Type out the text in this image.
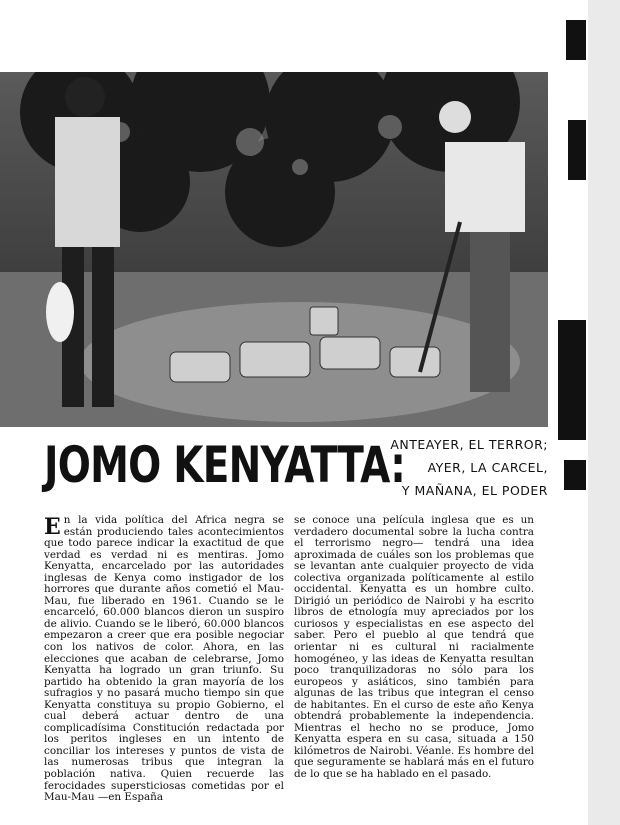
JOMO KENYATTA:
ANTEAYER, EL TERROR;
AYER, LA CARCEL,
Y MAÑANA, EL PODER

En la vida política del Africa negra se están produciendo tales acontecimientos que todo parece indicar la exactitud de que verdad es verdad ni es mentiras. Jomo Kenyatta, encarcelado por las autoridades inglesas de Kenya como instigador de los horrores que durante años cometió el Mau-Mau, fue liberado en 1961. Cuando se le encarceló, 60.000 blancos dieron un suspiro de alivio. Cuando se le liberó, 60.000 blancos empezaron a creer que era posible negociar con los nativos de color. Ahora, en las elecciones que acaban de celebrarse, Jomo Kenyatta ha logrado un gran triunfo. Su partido ha obtenido la gran mayoría de los sufragios y no pasará mucho tiempo sin que Kenyatta constituya su propio Gobierno, el cual deberá actuar dentro de una complicadísima Constitución redactada por los peritos ingleses en un intento de conciliar los intereses y puntos de vista de las numerosas tribus que integran la población nativa. Quien recuerde las ferocidades supersticiosas cometidas por el Mau-Mau —en España

se conoce una película inglesa que es un verdadero documental sobre la lucha contra el terrorismo negro— tendrá una idea aproximada de cuáles son los problemas que se levantan ante cualquier proyecto de vida colectiva organizada políticamente al estilo occidental. Kenyatta es un hombre culto. Dirigió un periódico de Nairobi y ha escrito libros de etnología muy apreciados por los curiosos y especialistas en ese aspecto del saber. Pero el pueblo al que tendrá que orientar ni es cultural ni racialmente homogéneo, y las ideas de Kenyatta resultan poco tranquilizadoras no sólo para los europeos y asiáticos, sino también para algunas de las tribus que integran el censo de habitantes. En el curso de este año Kenya obtendrá probablemente la independencia. Mientras el hecho no se produce, Jomo Kenyatta espera en su casa, situada a 150 kilómetros de Nairobi. Véanle. Es hombre del que seguramente se hablará más en el futuro de lo que se ha hablado en el pasado.
